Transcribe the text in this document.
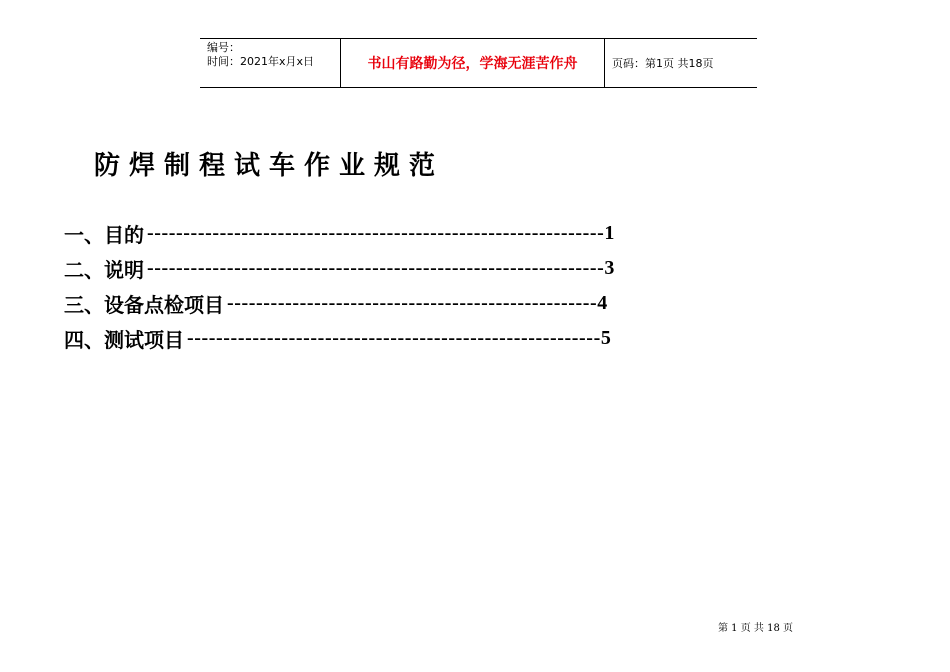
编号：
时间：2021年x月x日	书山有路勤为径，学海无涯苦作舟	页码：第1页 共18页
防焊制程试车作业规范
一、目的 --------------------------------------------------------------- 1
二、说明 --------------------------------------------------------------- 3
三、设备点检项目 --------------------------------------------------- 4
四、测试项目 --------------------------------------------------------- 5
第 1 页 共 18 页
